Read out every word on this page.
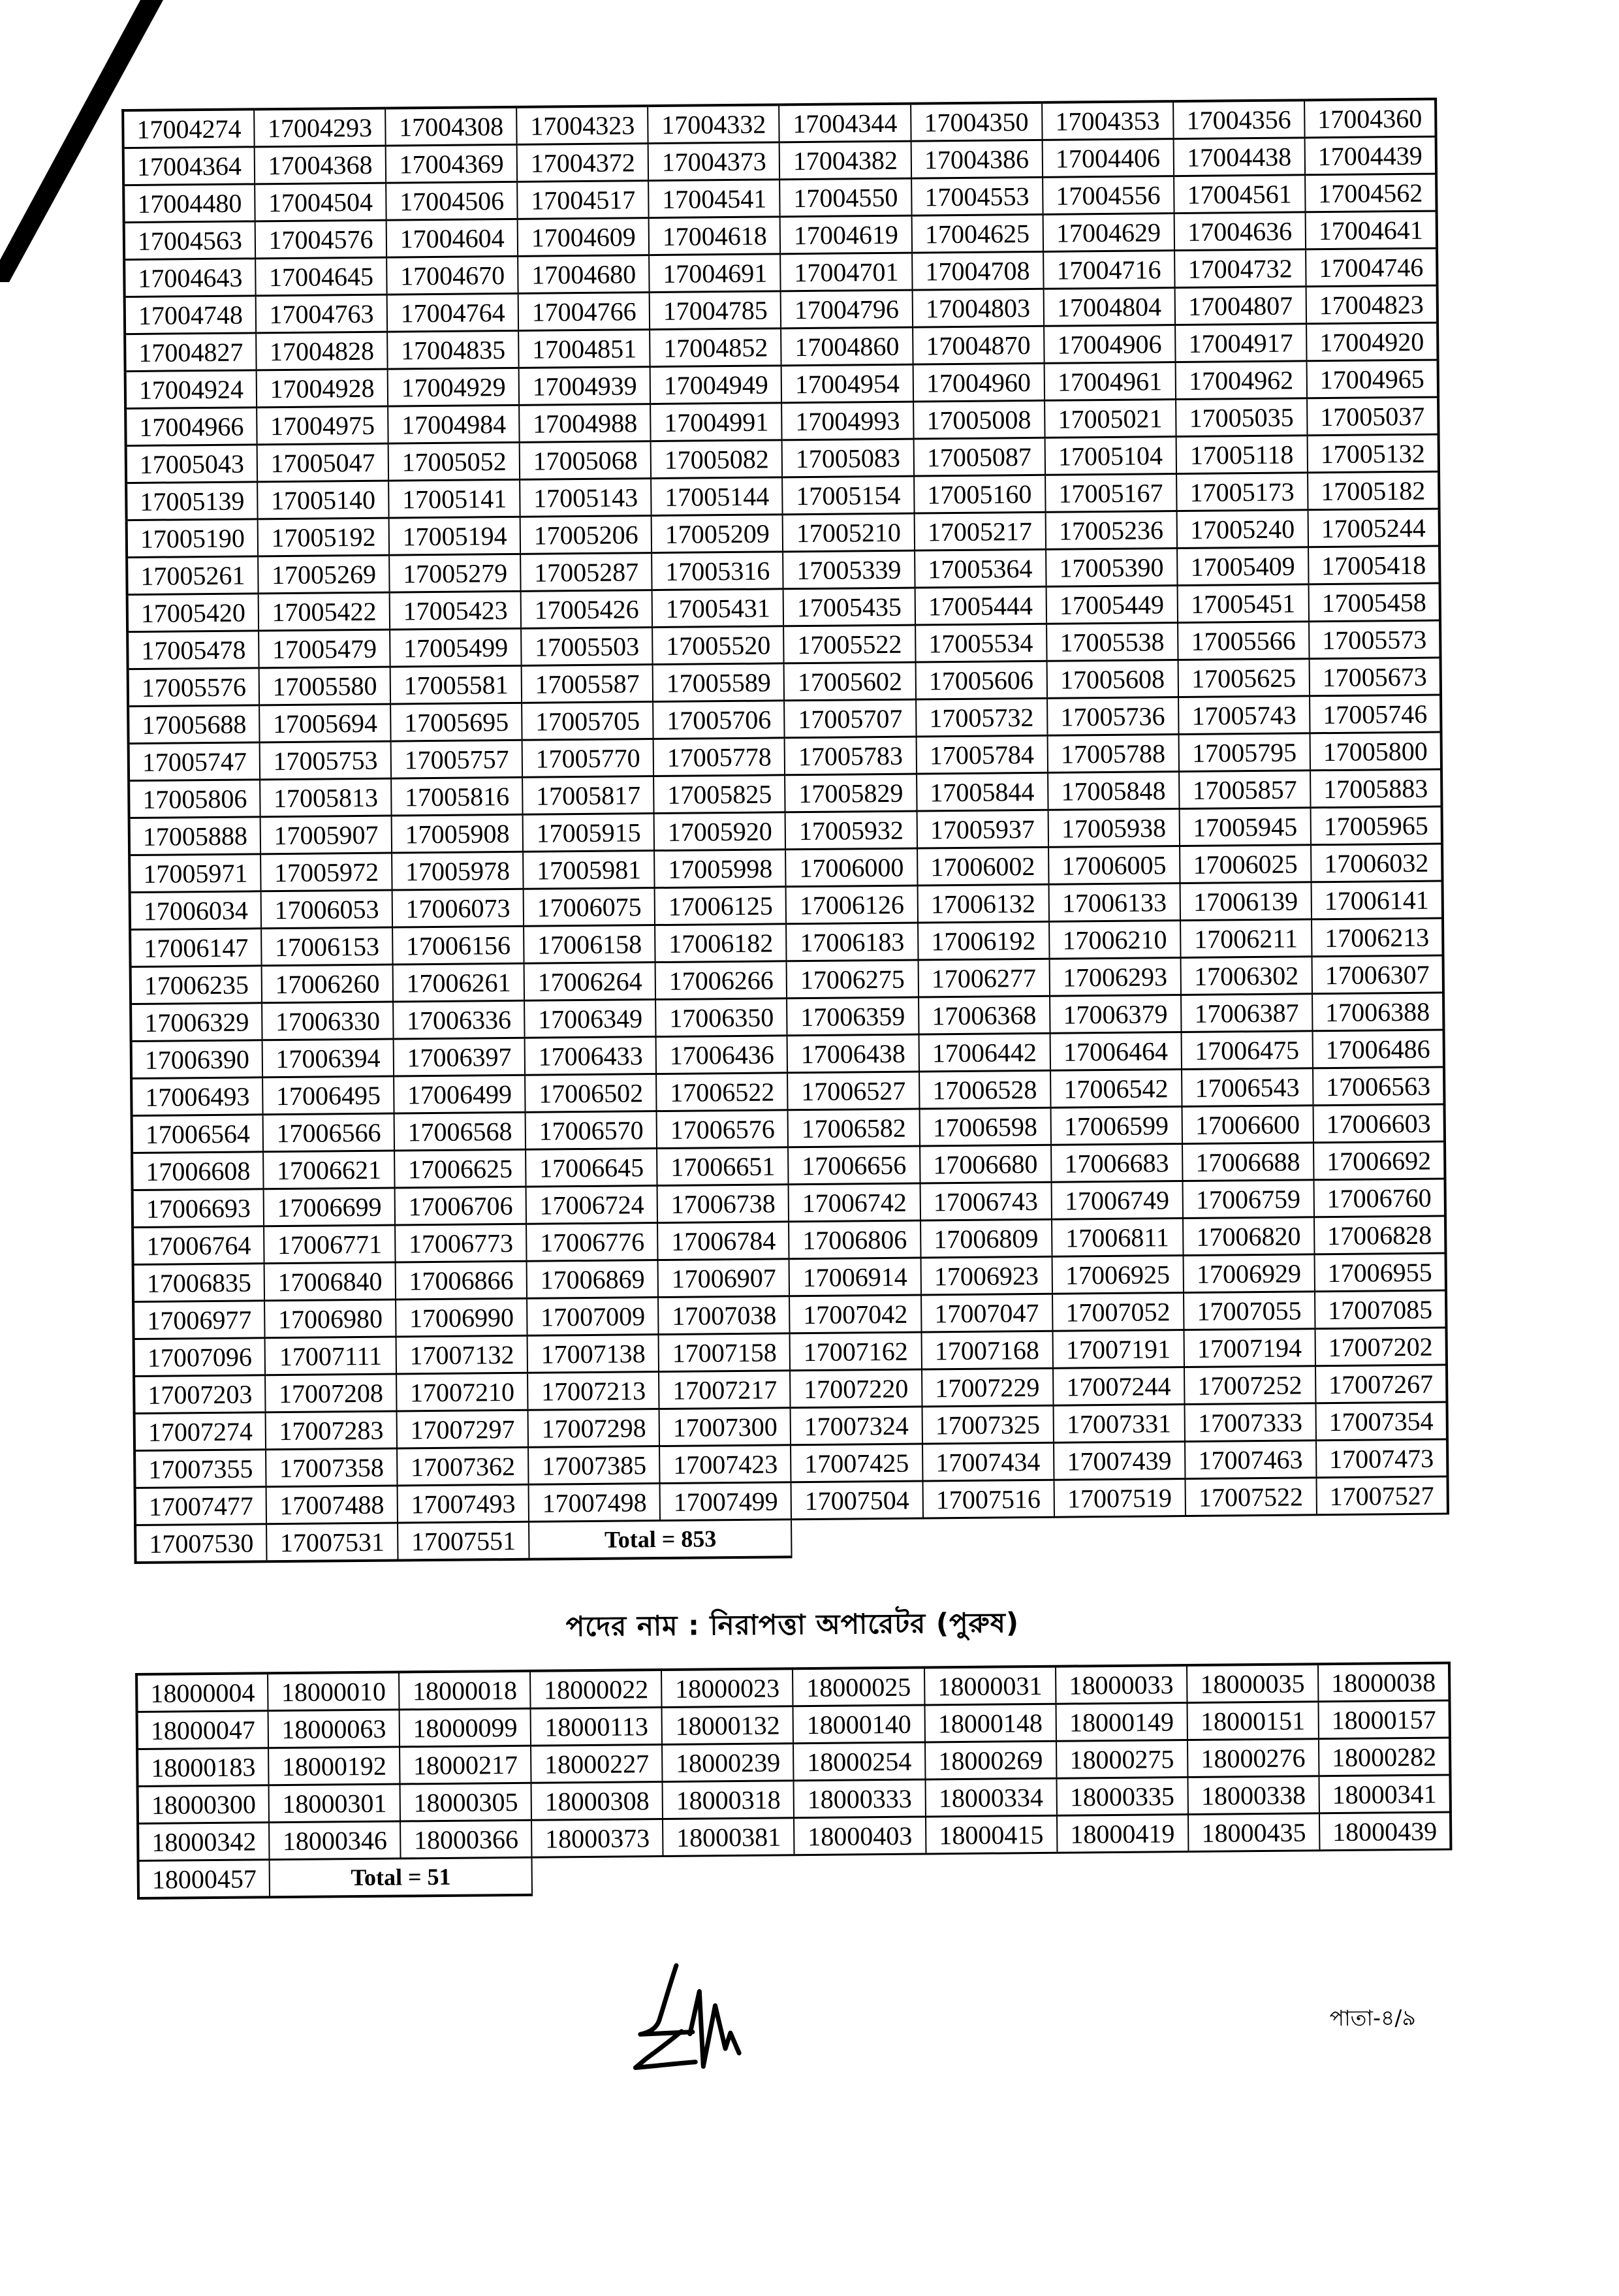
17004274	17004293	17004308	17004323	17004332	17004344	17004350	17004353	17004356	17004360
17004364	17004368	17004369	17004372	17004373	17004382	17004386	17004406	17004438	17004439
17004480	17004504	17004506	17004517	17004541	17004550	17004553	17004556	17004561	17004562
17004563	17004576	17004604	17004609	17004618	17004619	17004625	17004629	17004636	17004641
17004643	17004645	17004670	17004680	17004691	17004701	17004708	17004716	17004732	17004746
17004748	17004763	17004764	17004766	17004785	17004796	17004803	17004804	17004807	17004823
17004827	17004828	17004835	17004851	17004852	17004860	17004870	17004906	17004917	17004920
17004924	17004928	17004929	17004939	17004949	17004954	17004960	17004961	17004962	17004965
17004966	17004975	17004984	17004988	17004991	17004993	17005008	17005021	17005035	17005037
17005043	17005047	17005052	17005068	17005082	17005083	17005087	17005104	17005118	17005132
17005139	17005140	17005141	17005143	17005144	17005154	17005160	17005167	17005173	17005182
17005190	17005192	17005194	17005206	17005209	17005210	17005217	17005236	17005240	17005244
17005261	17005269	17005279	17005287	17005316	17005339	17005364	17005390	17005409	17005418
17005420	17005422	17005423	17005426	17005431	17005435	17005444	17005449	17005451	17005458
17005478	17005479	17005499	17005503	17005520	17005522	17005534	17005538	17005566	17005573
17005576	17005580	17005581	17005587	17005589	17005602	17005606	17005608	17005625	17005673
17005688	17005694	17005695	17005705	17005706	17005707	17005732	17005736	17005743	17005746
17005747	17005753	17005757	17005770	17005778	17005783	17005784	17005788	17005795	17005800
17005806	17005813	17005816	17005817	17005825	17005829	17005844	17005848	17005857	17005883
17005888	17005907	17005908	17005915	17005920	17005932	17005937	17005938	17005945	17005965
17005971	17005972	17005978	17005981	17005998	17006000	17006002	17006005	17006025	17006032
17006034	17006053	17006073	17006075	17006125	17006126	17006132	17006133	17006139	17006141
17006147	17006153	17006156	17006158	17006182	17006183	17006192	17006210	17006211	17006213
17006235	17006260	17006261	17006264	17006266	17006275	17006277	17006293	17006302	17006307
17006329	17006330	17006336	17006349	17006350	17006359	17006368	17006379	17006387	17006388
17006390	17006394	17006397	17006433	17006436	17006438	17006442	17006464	17006475	17006486
17006493	17006495	17006499	17006502	17006522	17006527	17006528	17006542	17006543	17006563
17006564	17006566	17006568	17006570	17006576	17006582	17006598	17006599	17006600	17006603
17006608	17006621	17006625	17006645	17006651	17006656	17006680	17006683	17006688	17006692
17006693	17006699	17006706	17006724	17006738	17006742	17006743	17006749	17006759	17006760
17006764	17006771	17006773	17006776	17006784	17006806	17006809	17006811	17006820	17006828
17006835	17006840	17006866	17006869	17006907	17006914	17006923	17006925	17006929	17006955
17006977	17006980	17006990	17007009	17007038	17007042	17007047	17007052	17007055	17007085
17007096	17007111	17007132	17007138	17007158	17007162	17007168	17007191	17007194	17007202
17007203	17007208	17007210	17007213	17007217	17007220	17007229	17007244	17007252	17007267
17007274	17007283	17007297	17007298	17007300	17007324	17007325	17007331	17007333	17007354
17007355	17007358	17007362	17007385	17007423	17007425	17007434	17007439	17007463	17007473
17007477	17007488	17007493	17007498	17007499	17007504	17007516	17007519	17007522	17007527
17007530	17007531	17007551	Total = 853						
পদের নাম : নিরাপত্তা অপারেটর (পুরুষ)
18000004	18000010	18000018	18000022	18000023	18000025	18000031	18000033	18000035	18000038
18000047	18000063	18000099	18000113	18000132	18000140	18000148	18000149	18000151	18000157
18000183	18000192	18000217	18000227	18000239	18000254	18000269	18000275	18000276	18000282
18000300	18000301	18000305	18000308	18000318	18000333	18000334	18000335	18000338	18000341
18000342	18000346	18000366	18000373	18000381	18000403	18000415	18000419	18000435	18000439
18000457	Total = 51								
পাতা-৪/৯
